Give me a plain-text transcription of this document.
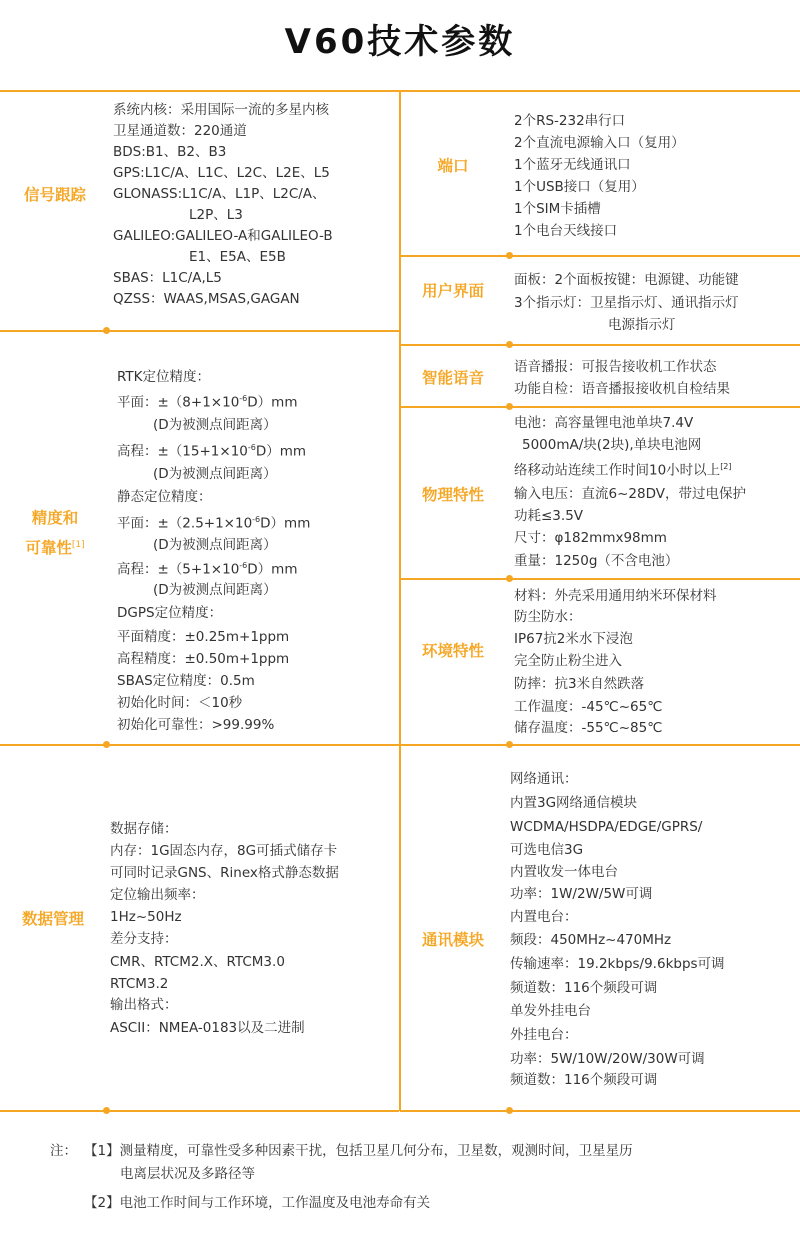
V60技术参数
信号跟踪
系统内核：采用国际一流的多星内核
卫星通道数：220通道
BDS:B1、B2、B3
GPS:L1C/A、L1C、L2C、L2E、L5
GLONASS:L1C/A、L1P、L2C/A、
L2P、L3
GALILEO:GALILEO-A和GALILEO-B
E1、E5A、E5B
SBAS：L1C/A,L5
QZSS：WAAS,MSAS,GAGAN
精度和
可靠性[1]
RTK定位精度：
平面：$\pm(8+1\times 10^{-6}D)mm$
(D为被测点间距离）
高程：$\pm(15+1\times 10^{-6}D)mm$
(D为被测点间距离）
静态定位精度：
平面：$\pm(2.5+1\times 10^{-6}D)mm$
(D为被测点间距离）
高程：$\pm(5+1\times 10^{-6}D)mm$
(D为被测点间距离）
DGPS定位精度：
平面精度：±0.25m+1ppm
高程精度：±0.50m+1ppm
SBAS定位精度：0.5m
初始化时间：＜10秒
初始化可靠性：>99.99%
数据管理
数据存储：
内存：1G固态内存，8G可插式储存卡
可同时记录GNS、Rinex格式静态数据
定位输出频率：
1Hz~50Hz
差分支持：
CMR、RTCM2.X、RTCM3.0
RTCM3.2
输出格式：
ASCII：NMEA-0183以及二进制
端口
2个RS-232串行口
2个直流电源输入口（复用）
1个蓝牙无线通讯口
1个USB接口（复用）
1个SIM卡插槽
1个电台天线接口
用户界面
面板：2个面板按键：电源键、功能键
3个指示灯：卫星指示灯、通讯指示灯
电源指示灯
智能语音
语音播报：可报告接收机工作状态
功能自检：语音播报接收机自检结果
物理特性
电池：高容量锂电池单块7.4V
5000mA/块(2块),单块电池网
络移动站连续工作时间10小时以上[2]
输入电压：直流6~28DV，带过电保护
功耗≤3.5V
尺寸：φ182mmx98mm
重量：1250g（不含电池）
环境特性
材料：外壳采用通用纳米环保材料
防尘防水：
IP67抗2米水下浸泡
完全防止粉尘进入
防摔：抗3米自然跌落
工作温度：-45℃~65℃
储存温度：-55℃~85℃
通讯模块
网络通讯：
内置3G网络通信模块
WCDMA/HSDPA/EDGE/GPRS/
可选电信3G
内置收发一体电台
功率：1W/2W/5W可调
内置电台：
频段：450MHz~470MHz
传输速率：19.2kbps/9.6kbps可调
频道数：116个频段可调
单发外挂电台
外挂电台：
功率：5W/10W/20W/30W可调
频道数：116个频段可调
注： 【1】测量精度，可靠性受多种因素干扰，包括卫星几何分布，卫星数，观测时间，卫星星历
电离层状况及多路径等
【2】电池工作时间与工作环境，工作温度及电池寿命有关
